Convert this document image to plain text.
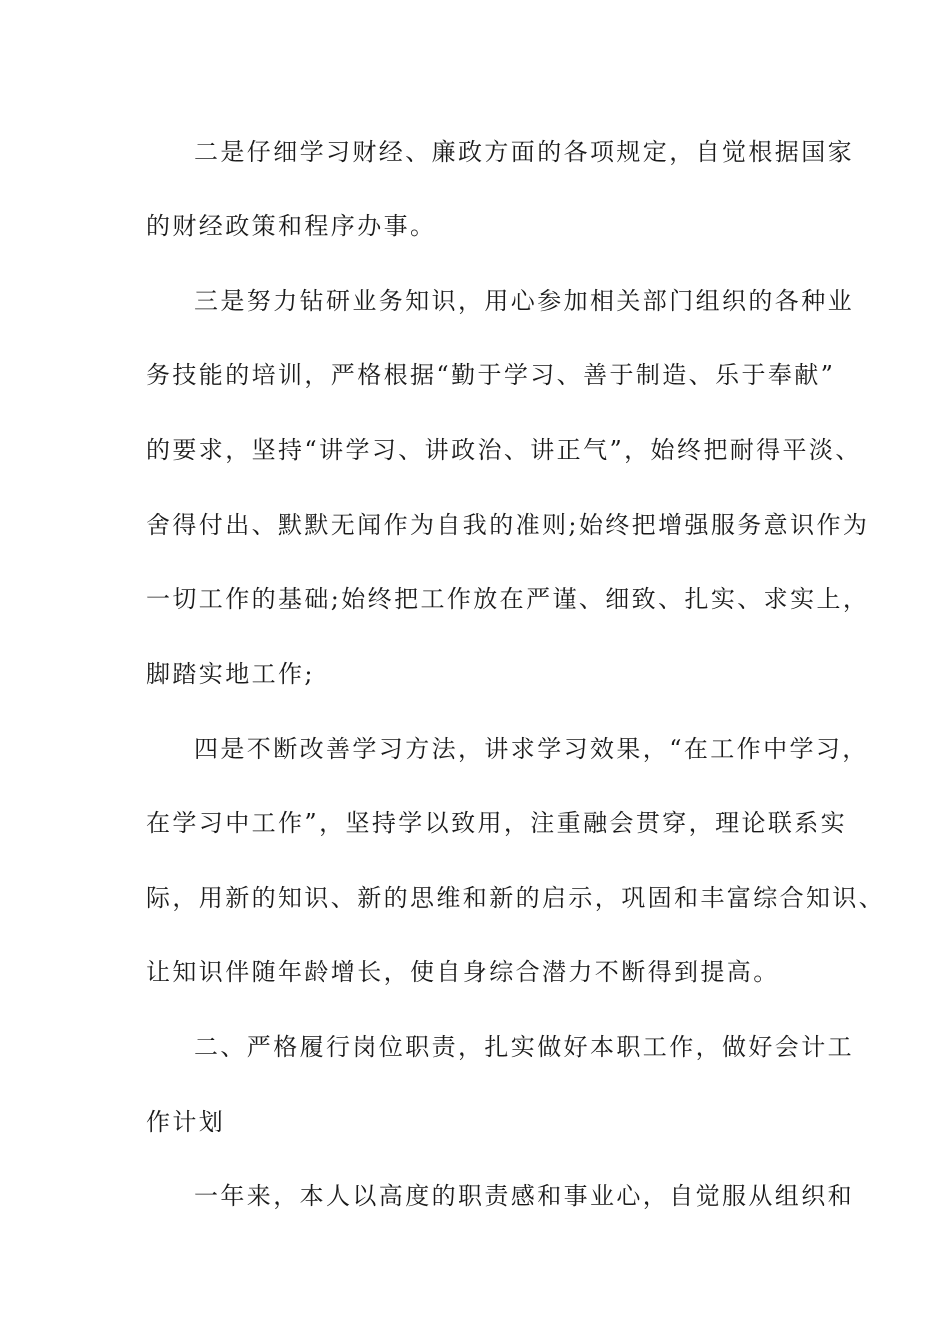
二是仔细学习财经、廉政方面的各项规定，自觉根据国家
的财经政策和程序办事。
三是努力钻研业务知识，用心参加相关部门组织的各种业
务技能的培训，严格根据“勤于学习、善于制造、乐于奉献”
的要求，坚持“讲学习、讲政治、讲正气”，始终把耐得平淡、
舍得付出、默默无闻作为自我的准则;始终把增强服务意识作为
一切工作的基础;始终把工作放在严谨、细致、扎实、求实上，
脚踏实地工作;
四是不断改善学习方法，讲求学习效果，“在工作中学习，
在学习中工作”，坚持学以致用，注重融会贯穿，理论联系实
际，用新的知识、新的思维和新的启示，巩固和丰富综合知识、
让知识伴随年龄增长，使自身综合潜力不断得到提高。
二、严格履行岗位职责，扎实做好本职工作，做好会计工
作计划
一年来，本人以高度的职责感和事业心，自觉服从组织和
